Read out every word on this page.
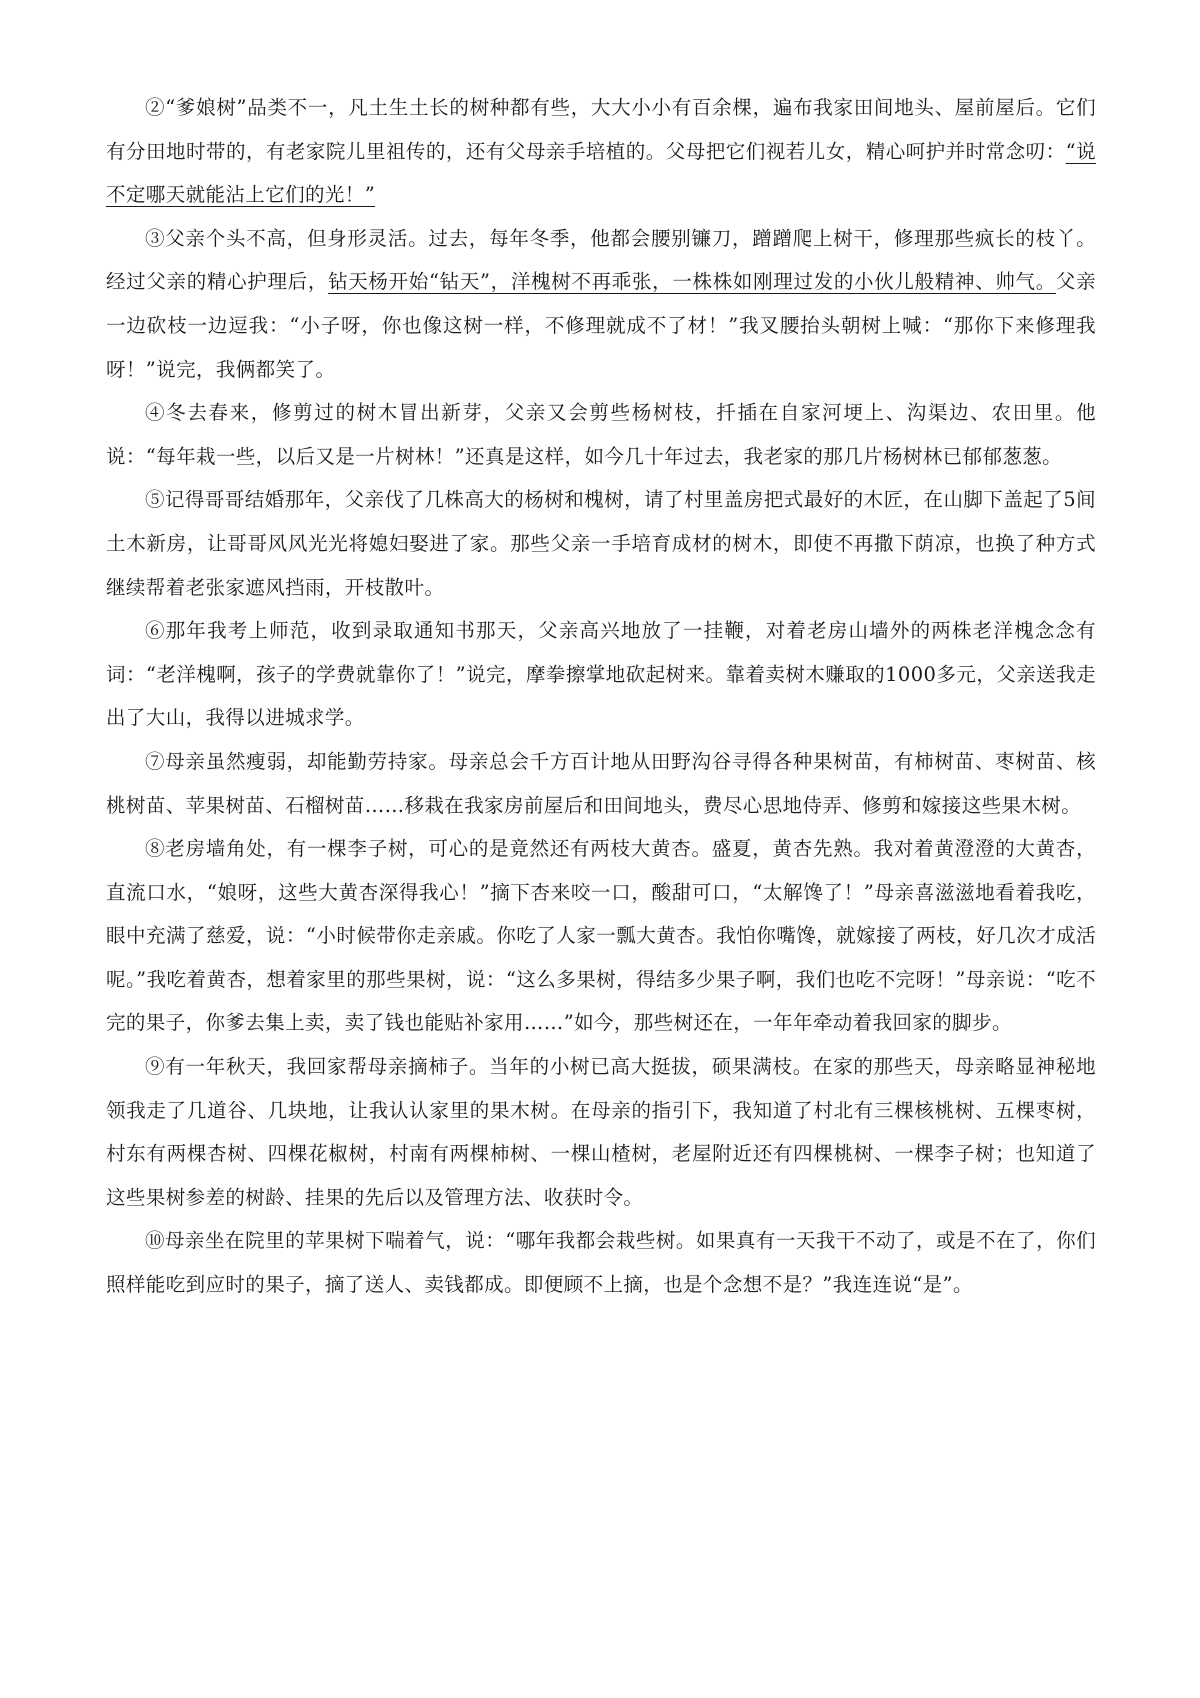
②“爹娘树”品类不一，凡土生土长的树种都有些，大大小小有百余棵，遍布我家田间地头、屋前屋后。它们有分田地时带的，有老家院儿里祖传的，还有父母亲手培植的。父母把它们视若儿女，精心呵护并时常念叨：“说不定哪天就能沾上它们的光！”

③父亲个头不高，但身形灵活。过去，每年冬季，他都会腰别镰刀，蹭蹭爬上树干，修理那些疯长的枝丫。经过父亲的精心护理后，钻天杨开始“钻天”，洋槐树不再乖张，一株株如刚理过发的小伙儿般精神、帅气。父亲一边砍枝一边逗我：“小子呀，你也像这树一样，不修理就成不了材！”我叉腰抬头朝树上喊：“那你下来修理我呀！”说完，我俩都笑了。

④冬去春来，修剪过的树木冒出新芽，父亲又会剪些杨树枝，扦插在自家河埂上、沟渠边、农田里。他说：“每年栽一些，以后又是一片树林！”还真是这样，如今几十年过去，我老家的那几片杨树林已郁郁葱葱。

⑤记得哥哥结婚那年，父亲伐了几株高大的杨树和槐树，请了村里盖房把式最好的木匠，在山脚下盖起了5间土木新房，让哥哥风风光光将媳妇娶进了家。那些父亲一手培育成材的树木，即使不再撒下荫凉，也换了种方式继续帮着老张家遮风挡雨，开枝散叶。

⑥那年我考上师范，收到录取通知书那天，父亲高兴地放了一挂鞭，对着老房山墙外的两株老洋槐念念有词：“老洋槐啊，孩子的学费就靠你了！”说完，摩拳擦掌地砍起树来。靠着卖树木赚取的1000多元，父亲送我走出了大山，我得以进城求学。

⑦母亲虽然瘦弱，却能勤劳持家。母亲总会千方百计地从田野沟谷寻得各种果树苗，有柿树苗、枣树苗、核桃树苗、苹果树苗、石榴树苗……移栽在我家房前屋后和田间地头，费尽心思地侍弄、修剪和嫁接这些果木树。

⑧老房墙角处，有一棵李子树，可心的是竟然还有两枝大黄杏。盛夏，黄杏先熟。我对着黄澄澄的大黄杏，直流口水，“娘呀，这些大黄杏深得我心！”摘下杏来咬一口，酸甜可口，“太解馋了！”母亲喜滋滋地看着我吃，眼中充满了慈爱，说：“小时候带你走亲戚。你吃了人家一瓢大黄杏。我怕你嘴馋，就嫁接了两枝，好几次才成活呢。”我吃着黄杏，想着家里的那些果树，说：“这么多果树，得结多少果子啊，我们也吃不完呀！”母亲说：“吃不完的果子，你爹去集上卖，卖了钱也能贴补家用……”如今，那些树还在，一年年牵动着我回家的脚步。

⑨有一年秋天，我回家帮母亲摘柿子。当年的小树已高大挺拔，硕果满枝。在家的那些天，母亲略显神秘地领我走了几道谷、几块地，让我认认家里的果木树。在母亲的指引下，我知道了村北有三棵核桃树、五棵枣树，村东有两棵杏树、四棵花椒树，村南有两棵柿树、一棵山楂树，老屋附近还有四棵桃树、一棵李子树；也知道了这些果树参差的树龄、挂果的先后以及管理方法、收获时令。

⑩母亲坐在院里的苹果树下喘着气，说：“哪年我都会栽些树。如果真有一天我干不动了，或是不在了，你们照样能吃到应时的果子，摘了送人、卖钱都成。即便顾不上摘，也是个念想不是？”我连连说“是”。
